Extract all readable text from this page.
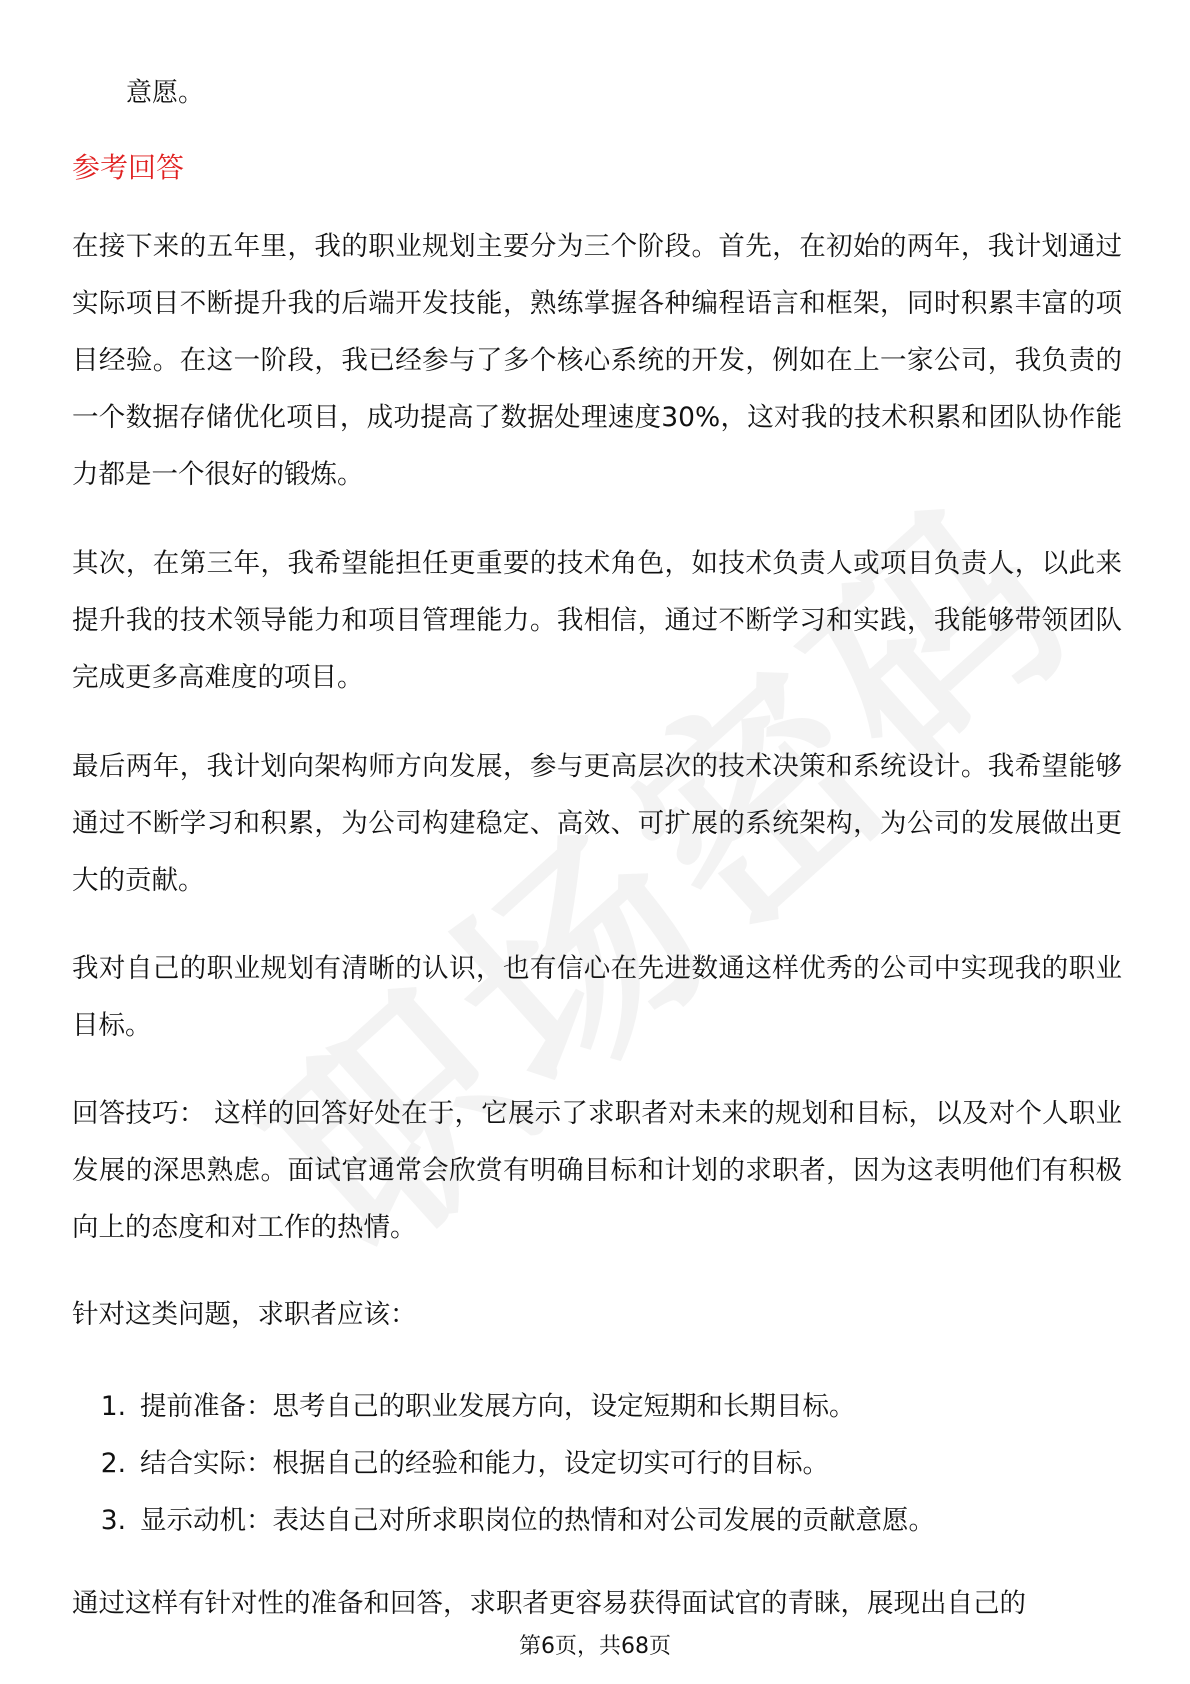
意愿。
参考回答

在接下来的五年里，我的职业规划主要分为三个阶段。首先，在初始的两年，我计划通过实际项目不断提升我的后端开发技能，熟练掌握各种编程语言和框架，同时积累丰富的项目经验。在这一阶段，我已经参与了多个核心系统的开发，例如在上一家公司，我负责的一个数据存储优化项目，成功提高了数据处理速度30%，这对我的技术积累和团队协作能力都是一个很好的锻炼。

其次，在第三年，我希望能担任更重要的技术角色，如技术负责人或项目负责人，以此来提升我的技术领导能力和项目管理能力。我相信，通过不断学习和实践，我能够带领团队完成更多高难度的项目。

最后两年，我计划向架构师方向发展，参与更高层次的技术决策和系统设计。我希望能够通过不断学习和积累，为公司构建稳定、高效、可扩展的系统架构，为公司的发展做出更大的贡献。

我对自己的职业规划有清晰的认识，也有信心在先进数通这样优秀的公司中实现我的职业目标。

回答技巧： 这样的回答好处在于，它展示了求职者对未来的规划和目标，以及对个人职业发展的深思熟虑。面试官通常会欣赏有明确目标和计划的求职者，因为这表明他们有积极向上的态度和对工作的热情。

针对这类问题，求职者应该：

1. 提前准备：思考自己的职业发展方向，设定短期和长期目标。
2. 结合实际：根据自己的经验和能力，设定切实可行的目标。
3. 显示动机：表达自己对所求职岗位的热情和对公司发展的贡献意愿。

通过这样有针对性的准备和回答，求职者更容易获得面试官的青睐，展现出自己的

第6页，共68页
